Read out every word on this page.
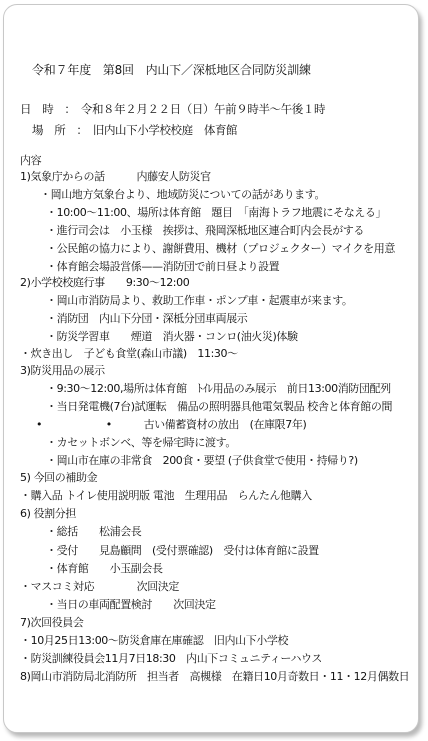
令和７年度　第8回　内山下／深柢地区合同防災訓練
日　時　：　令和８年２月２２日（日）午前９時半〜午後１時
場　所　：　旧内山下小学校校庭　体育館
内容
1)気象庁からの話　　　内藤安人防災官
・岡山地方気象台より、地域防災についての話があります。
・10:00〜11:00、場所は体育館　題目　「南海トラフ地震にそなえる」
・進行司会は　小玉様　挨拶は、飛岡深柢地区連合町内会長がする
・公民館の協力により、謝餅費用、機材（プロジェクター）マイクを用意
・体育館会場設営係——消防団で前日昼より設置
2)小学校校庭行事　　9:30〜12:00
・岡山市消防局より、救助工作車・ポンプ車・起震車が来ます。
・消防団　内山下分団・深柢分団車両展示
・防災学習車　　煙道　消火器・コンロ(油火災)体験
・炊き出し　子ども食堂(森山市議)　11:30〜
3)防災用品の展示
・9:30〜12:00,場所は体育館　ﾄｲﾚ用品のみ展示　前日13:00消防団配列
・当日発電機(7台)試運転　備品の照明器具他電気製品 校舎と体育館の間
•　　　　　　•　　　古い備蓄資材の放出　(在庫限7年)
・カセットボンベ、等を帰宅時に渡す。
・岡山市在庫の非常食　200食・要望 (子供食堂で使用・持帰り?)
5) 今回の補助金
・購入品 トイレ使用説明版 電池　生理用品　らんたん他購入
6) 役割分担
・総括　　松浦会長
・受付　　見島顧問　(受付票確認)　受付は体育館に設置
・体育館　　小玉副会長
・マスコミ対応　　　　次回決定
・当日の車両配置検討　　次回決定
7)次回役員会
・10月25日13:00〜防災倉庫在庫確認　旧内山下小学校
・防災訓練役員会11月7日18:30　内山下コミュニティーハウス
8)岡山市消防局北消防所　担当者　高槻様　在籍日10月奇数日・11・12月偶数日
